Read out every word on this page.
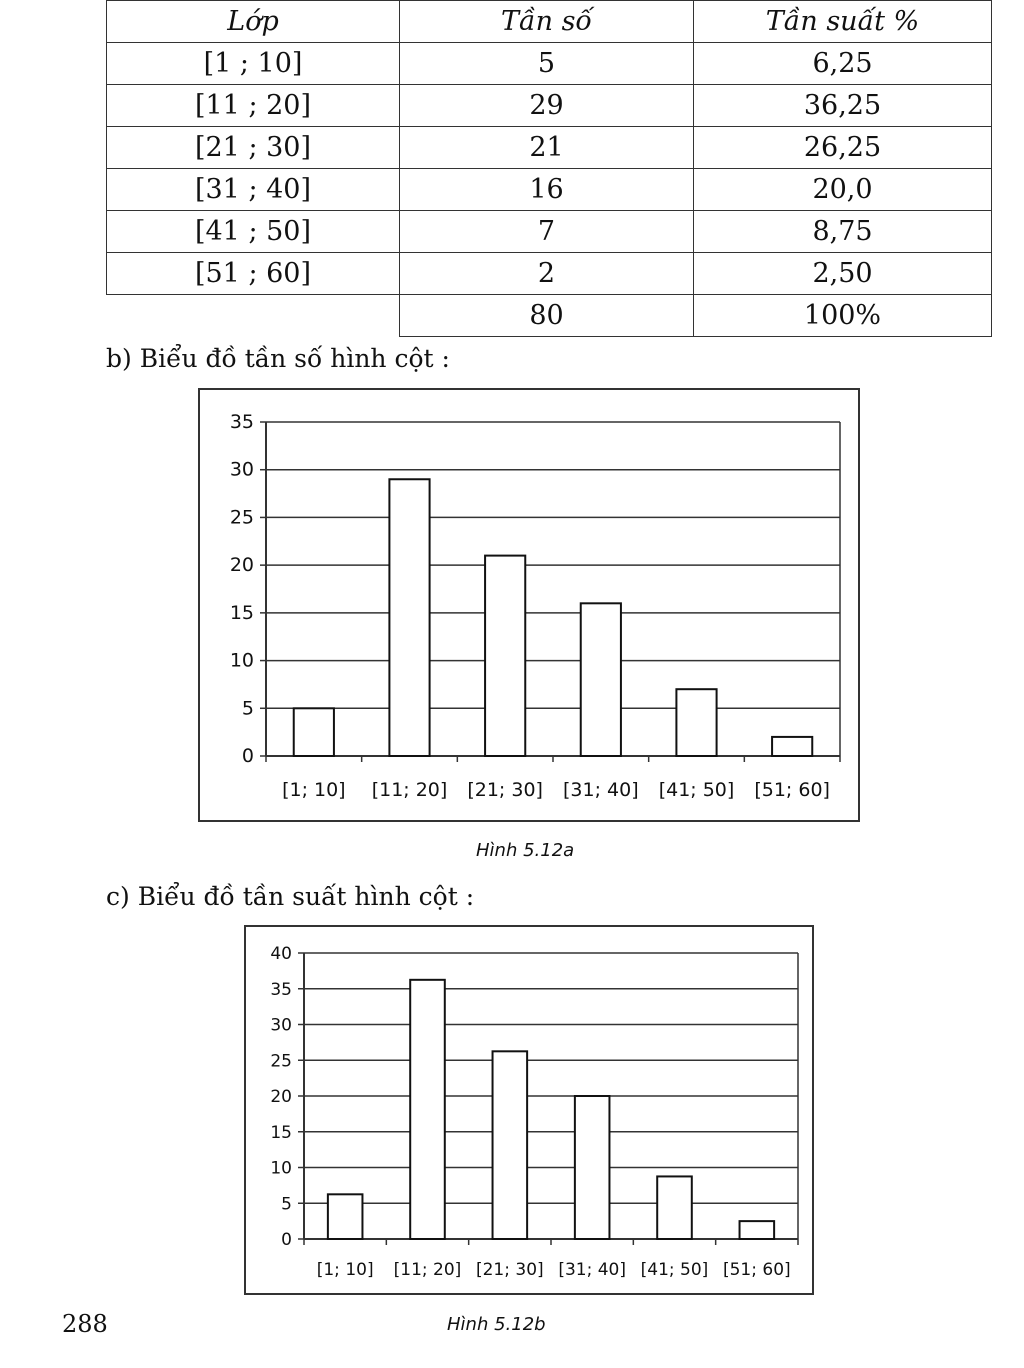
Lớp	Tần số	Tần suất %
[1 ; 10]	5	6,25
[11 ; 20]	29	36,25
[21 ; 30]	21	26,25
[31 ; 40]	16	20,0
[41 ; 50]	7	8,75
[51 ; 60]	2	2,50
	80	100%
b) Biểu đồ tần số hình cột :
0
5
10
15
20
25
30
35
[1; 10] [11; 20] [21; 30] [31; 40] [41; 50] [51; 60]
Hình 5.12a
c) Biểu đồ tần suất hình cột :
0
5
10
15
20
25
30
35
40
[1; 10] [11; 20] [21; 30] [31; 40] [41; 50] [51; 60]
Hình 5.12b
288
